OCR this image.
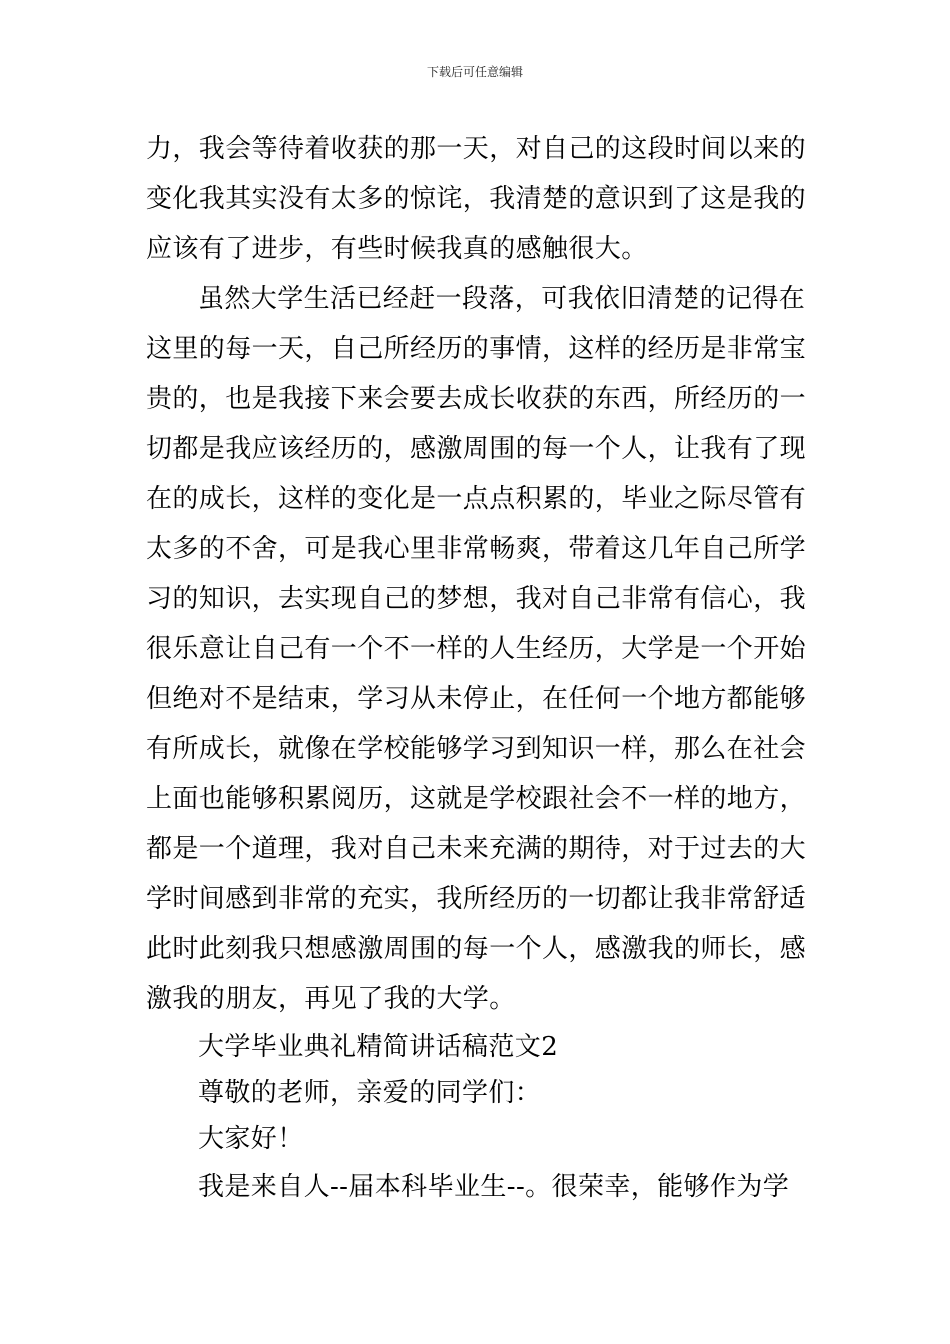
下载后可任意编辑
力，我会等待着收获的那一天，对自己的这段时间以来的
变化我其实没有太多的惊诧，我清楚的意识到了这是我的
应该有了进步，有些时候我真的感触很大。
虽然大学生活已经赶一段落，可我依旧清楚的记得在
这里的每一天，自己所经历的事情，这样的经历是非常宝
贵的，也是我接下来会要去成长收获的东西，所经历的一
切都是我应该经历的，感激周围的每一个人，让我有了现
在的成长，这样的变化是一点点积累的，毕业之际尽管有
太多的不舍，可是我心里非常畅爽，带着这几年自己所学
习的知识，去实现自己的梦想，我对自己非常有信心，我
很乐意让自己有一个不一样的人生经历，大学是一个开始
但绝对不是结束，学习从未停止，在任何一个地方都能够
有所成长，就像在学校能够学习到知识一样，那么在社会
上面也能够积累阅历，这就是学校跟社会不一样的地方，
都是一个道理，我对自己未来充满的期待，对于过去的大
学时间感到非常的充实，我所经历的一切都让我非常舒适
此时此刻我只想感激周围的每一个人，感激我的师长，感
激我的朋友，再见了我的大学。
大学毕业典礼精简讲话稿范文2
尊敬的老师，亲爱的同学们：
大家好！
我是来自人--届本科毕业生--。很荣幸，能够作为学
